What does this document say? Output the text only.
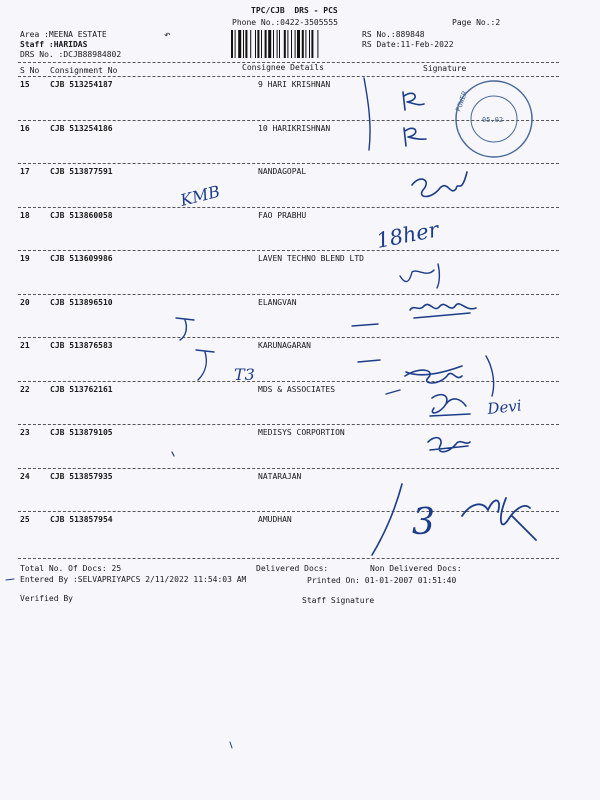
TPC/CJB DRS - PCS
Phone No.:0422-3505555	Page No.:2
Area :MEENA ESTATE
Staff :HARIDAS
DRS No. :DCJB88984802
RS No.:889848
RS Date:11-Feb-2022
↶
S No Consignment No	Consignee Details	Signature
15	CJB 513254187	9 HARI KRISHNAN
16	CJB 513254186	10 HARIKRISHNAN
17	CJB 513877591	NANDAGOPAL
18	CJB 513860058	FAO PRABHU
19	CJB 513609986	LAVEN TECHNO BLEND LTD
20	CJB 513896510	ELANGVAN
21	CJB 513876583	KARUNAGARAN
22	CJB 513762161	MDS & ASSOCIATES
23	CJB 513879105	MEDISYS CORPORTION
24	CJB 513857935	NATARAJAN
25	CJB 513857954	AMUDHAN
Total No. Of Docs: 25	Delivered Docs:	Non Delivered Docs:
Entered By :SELVAPRIYAPCS 2/11/2022 11:54:03 AM	Printed On: 01-01-2007 01:51:40
Verified By	Staff Signature
POWER
05.02
KMB
18her
T3
Devi
3
